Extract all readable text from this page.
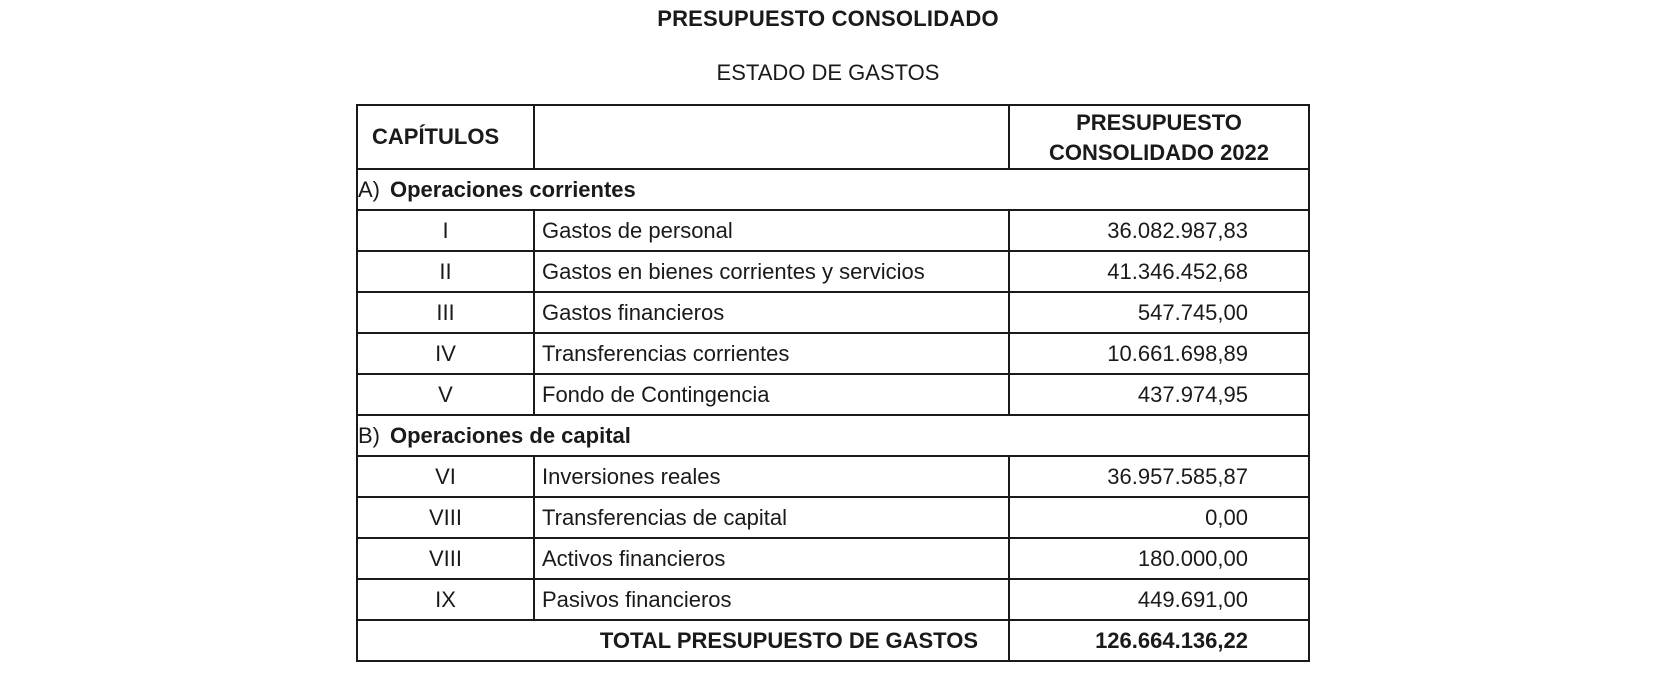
PRESUPUESTO CONSOLIDADO
ESTADO DE GASTOS
CAPÍTULOS		PRESUPUESTO
CONSOLIDADO 2022

A) Operaciones corrientes		
I	Gastos de personal	36.082.987,83
II	Gastos en bienes corrientes y servicios	41.346.452,68
III	Gastos financieros	547.745,00
IV	Transferencias corrientes	10.661.698,89
V	Fondo de Contingencia	437.974,95
B) Operaciones de capital		
VI	Inversiones reales	36.957.585,87
VIII	Transferencias de capital	0,00
VIII	Activos financieros	180.000,00
IX	Pasivos financieros	449.691,00
TOTAL PRESUPUESTO DE GASTOS		126.664.136,22
